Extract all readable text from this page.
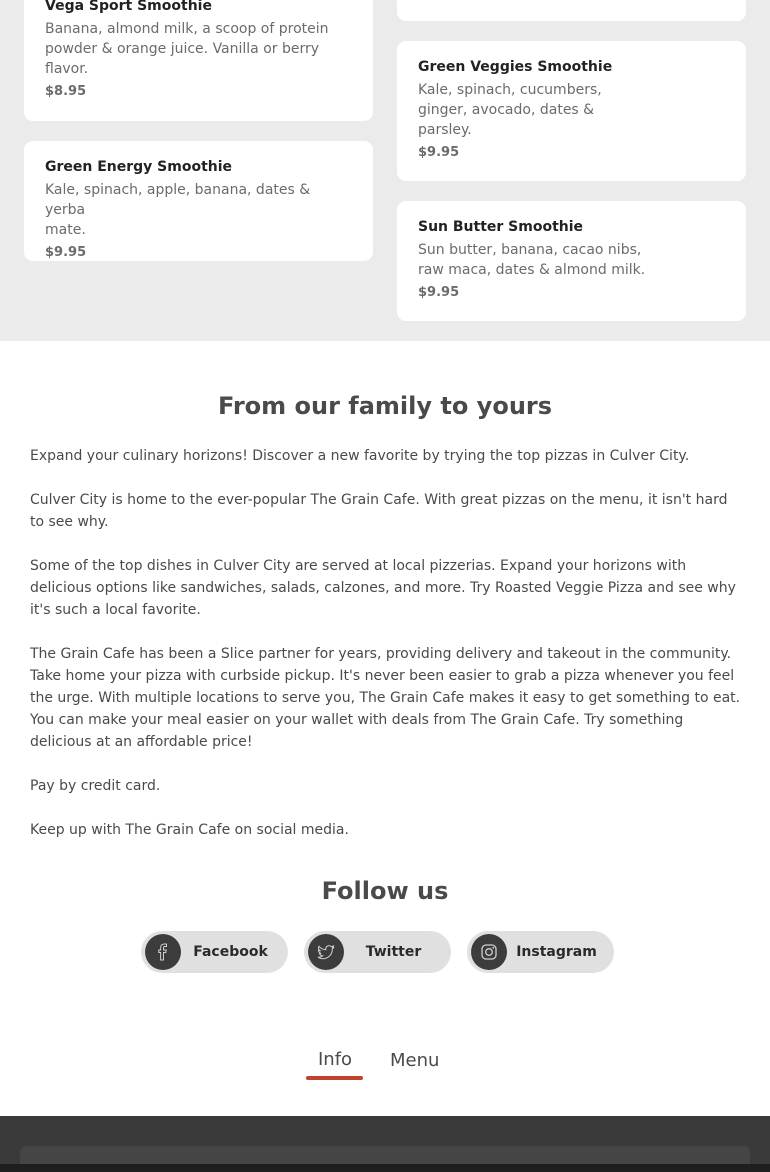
Vega Sport Smoothie
Banana, almond milk, a scoop of protein
powder & orange juice. Vanilla or berry
flavor.
$8.95
Green Energy Smoothie
Kale, spinach, apple, banana, dates & yerba
mate.
$9.95
Green Veggies Smoothie
Kale, spinach, cucumbers,
ginger, avocado, dates &
parsley.
$9.95
Sun Butter Smoothie
Sun butter, banana, cacao nibs,
raw maca, dates & almond milk.
$9.95
From our family to yours

Expand your culinary horizons! Discover a new favorite by trying the top pizzas in Culver City.

Culver City is home to the ever-popular The Grain Cafe. With great pizzas on the menu, it isn't hard to see why.

Some of the top dishes in Culver City are served at local pizzerias. Expand your horizons with delicious options like sandwiches, salads, calzones, and more. Try Roasted Veggie Pizza and see why it's such a local favorite.

The Grain Cafe has been a Slice partner for years, providing delivery and takeout in the community. Take home your pizza with curbside pickup. It's never been easier to grab a pizza whenever you feel the urge. With multiple locations to serve you, The Grain Cafe makes it easy to get something to eat. You can make your meal easier on your wallet with deals from The Grain Cafe. Try something delicious at an affordable price!

Pay by credit card.

Keep up with The Grain Cafe on social media.

Follow us
Facebook	Twitter	Instagram
Info Menu
